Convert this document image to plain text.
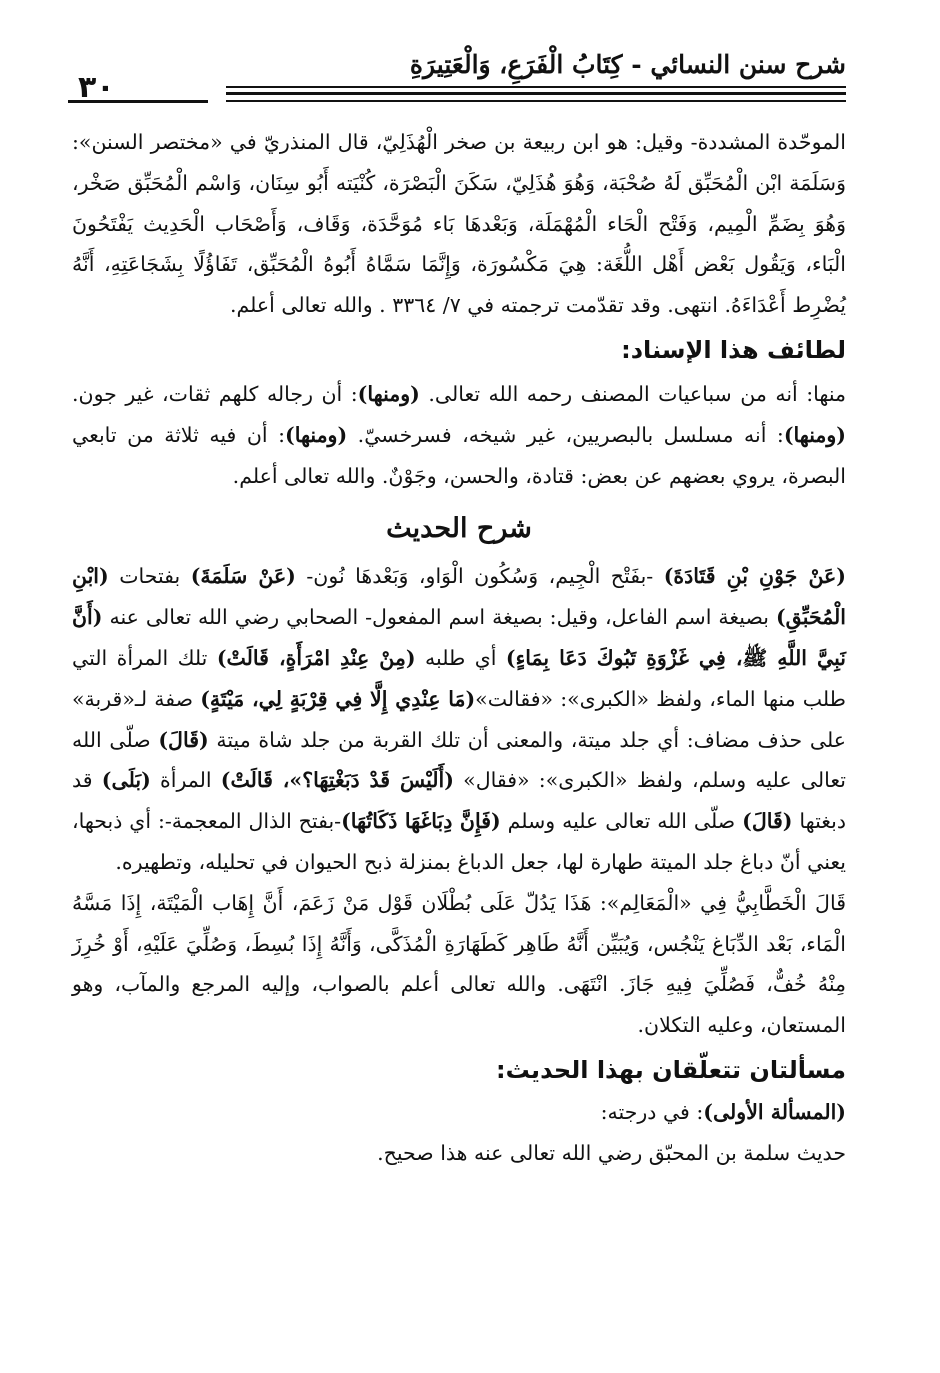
شرح سنن النسائي - كِتَابُ الْفَرَعِ، وَالْعَتِيرَةِ
٣٠

الموحّدة المشددة- وقيل: هو ابن ربيعة بن صخر الْهُذَلِيّ، قال المنذريّ في «مختصر السنن»: وَسَلَمَة ابْن الْمُحَبِّق لَهُ صُحْبَة، وَهُوَ هُذَلِيّ، سَكَنَ الْبَصْرَة، كُنْيَته أَبُو سِنَان، وَاسْم الْمُحَبِّق صَخْر، وَهُوَ بِضَمِّ الْمِيم، وَفَتْح الْحَاء الْمُهْمَلَة، وَبَعْدهَا بَاء مُوَحَّدَة، وَقَاف، وَأَصْحَاب الْحَدِيث يَفْتَحُونَ الْبَاء، وَيَقُول بَعْض أَهْل اللُّغَة: هِيَ مَكْسُورَة، وَإِنَّمَا سَمَّاهُ أَبُوهُ الْمُحَبِّق، تَفَاؤُلًا بِشَجَاعَتِهِ، أَنَّهُ يُضْرِط أَعْدَاءَهُ. انتهى. وقد تقدّمت ترجمته في ٧/ ٣٣٦٤ . والله تعالى أعلم.

لطائف هذا الإسناد:

منها: أنه من سباعيات المصنف رحمه الله تعالى. (ومنها): أن رجاله كلهم ثقات، غير جون. (ومنها): أنه مسلسل بالبصريين، غير شيخه، فسرخسيّ. (ومنها): أن فيه ثلاثة من تابعي البصرة، يروي بعضهم عن بعض: قتادة، والحسن، وجَوْنٌ. والله تعالى أعلم.

شرح الحديث

(عَنْ جَوْنِ بْنِ قَتَادَةَ) -بفَتْح الْجِيم، وَسُكُون الْوَاو، وَبَعْدهَا نُون- (عَنْ سَلَمَةَ) بفتحات (ابْنِ الْمُحَبِّقِ) بصيغة اسم الفاعل، وقيل: بصيغة اسم المفعول- الصحابي رضي الله تعالى عنه (أَنَّ نَبِيَّ اللَّهِ ﷺ، فِي غَزْوَةِ تَبُوكَ دَعَا بِمَاءٍ) أي طلبه (مِنْ عِنْدِ امْرَأَةٍ، قَالَتْ) تلك المرأة التي طلب منها الماء، ولفظ «الكبرى»: «فقالت»(مَا عِنْدِي إِلَّا فِي قِرْبَةٍ لِي، مَيْتَةٍ) صفة لـ«قربة» على حذف مضاف: أي جلد ميتة، والمعنى أن تلك القربة من جلد شاة ميتة (قَالَ) صلّى الله تعالى عليه وسلم، ولفظ «الكبرى»: «فقال» (أَلَيْسَ قَدْ دَبَغْتِهَا؟»، قَالَتْ) المرأة (بَلَى) قد دبغتها (قَالَ) صلّى الله تعالى عليه وسلم (فَإِنَّ دِبَاغَهَا ذَكَاتُهَا)-بفتح الذال المعجمة-: أي ذبحها، يعني أنّ دباغ جلد الميتة طهارة لها، جعل الدباغ بمنزلة ذبح الحيوان في تحليله، وتطهيره.

قَالَ الْخَطَّابِيُّ فِي «الْمَعَالِم»: هَذَا يَدُلّ عَلَى بُطْلَان قَوْل مَنْ زَعَمَ، أَنَّ إِهَاب الْمَيْتَة، إِذَا مَسَّهُ الْمَاء، بَعْد الدِّبَاغ يَنْجُس، وَيُبَيِّن أَنَّهُ طَاهِر كَطَهَارَةِ الْمُذَكَّى، وَأَنَّهُ إِذَا بُسِطَ، وَصُلِّيَ عَلَيْهِ، أَوْ خُرِزَ مِنْهُ خُفٌّ، فَصُلِّيَ فِيهِ جَازَ. انْتَهَى. والله تعالى أعلم بالصواب، وإليه المرجع والمآب، وهو المستعان، وعليه التكلان.

مسألتان تتعلّقان بهذا الحديث:

(المسألة الأولى): في درجته:

حديث سلمة بن المحبّق رضي الله تعالى عنه هذا صحيح.
